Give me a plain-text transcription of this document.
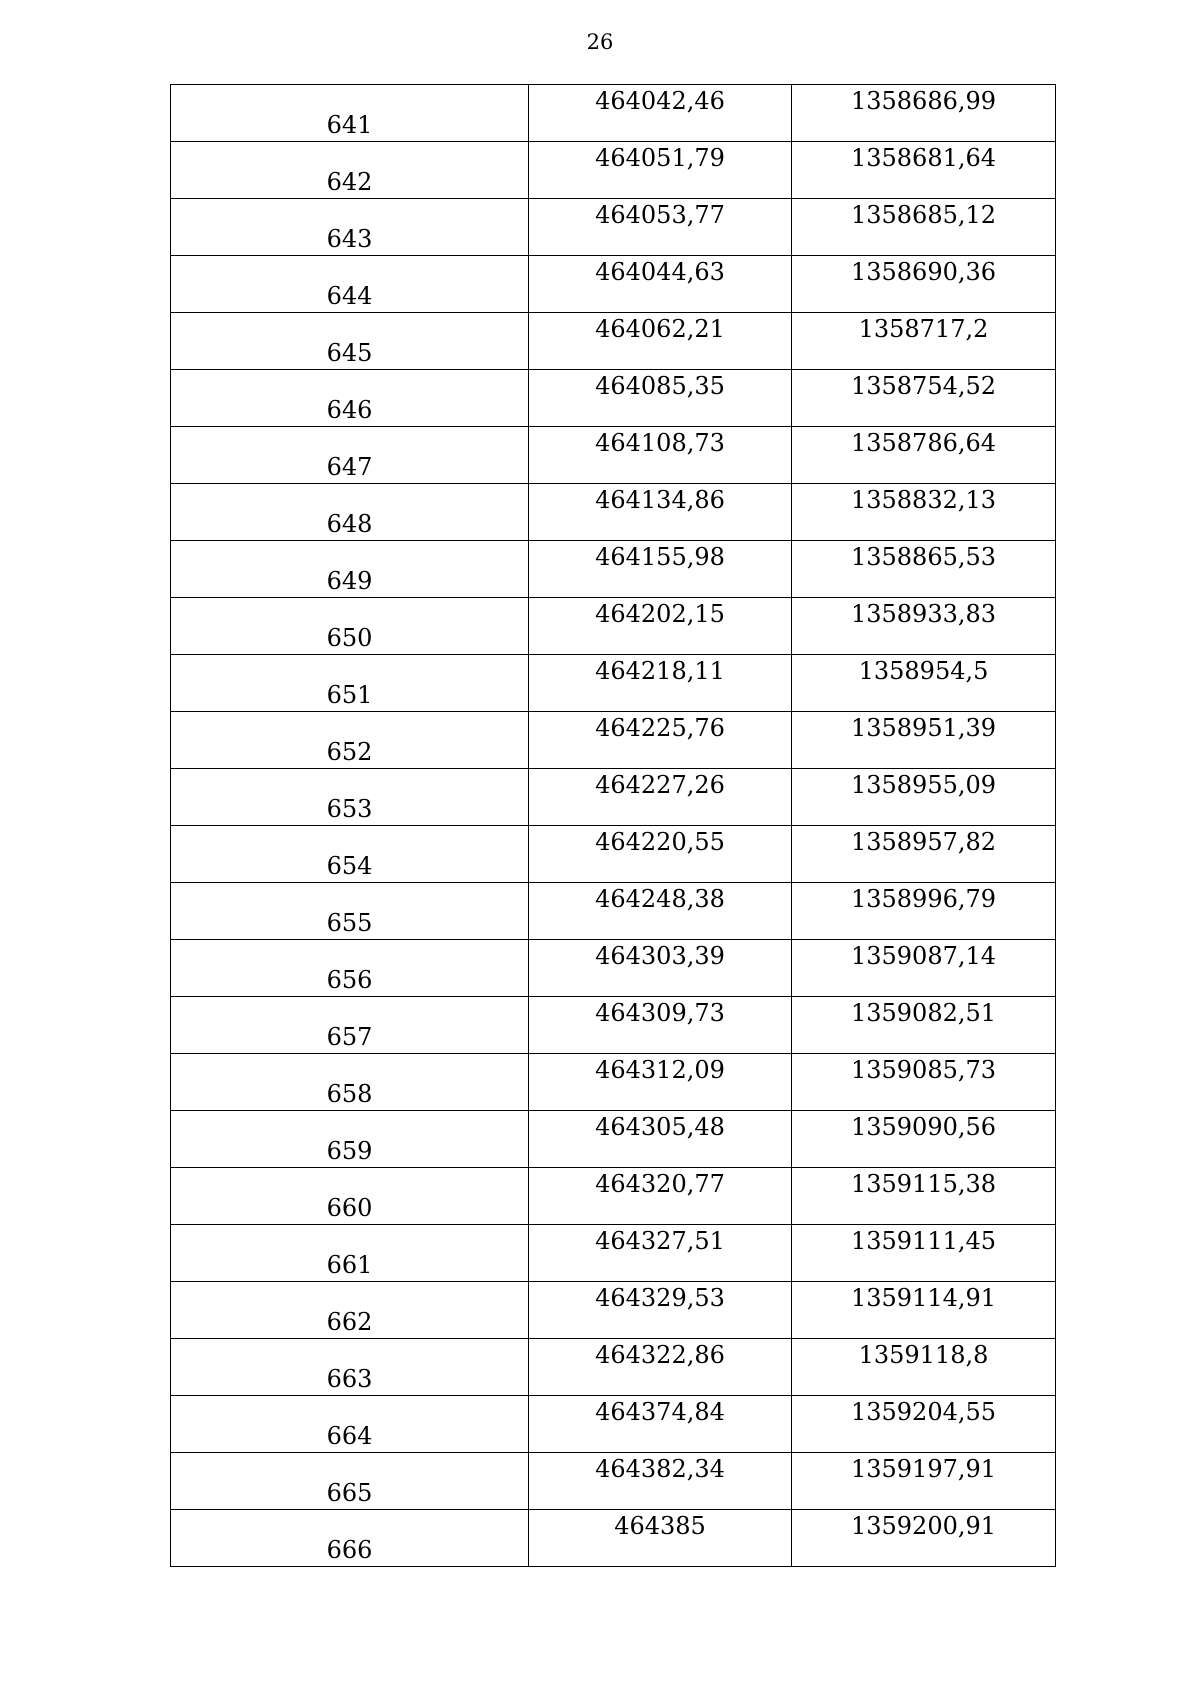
26
641	464042,46	1358686,99
642	464051,79	1358681,64
643	464053,77	1358685,12
644	464044,63	1358690,36
645	464062,21	1358717,2
646	464085,35	1358754,52
647	464108,73	1358786,64
648	464134,86	1358832,13
649	464155,98	1358865,53
650	464202,15	1358933,83
651	464218,11	1358954,5
652	464225,76	1358951,39
653	464227,26	1358955,09
654	464220,55	1358957,82
655	464248,38	1358996,79
656	464303,39	1359087,14
657	464309,73	1359082,51
658	464312,09	1359085,73
659	464305,48	1359090,56
660	464320,77	1359115,38
661	464327,51	1359111,45
662	464329,53	1359114,91
663	464322,86	1359118,8
664	464374,84	1359204,55
665	464382,34	1359197,91
666	464385	1359200,91
